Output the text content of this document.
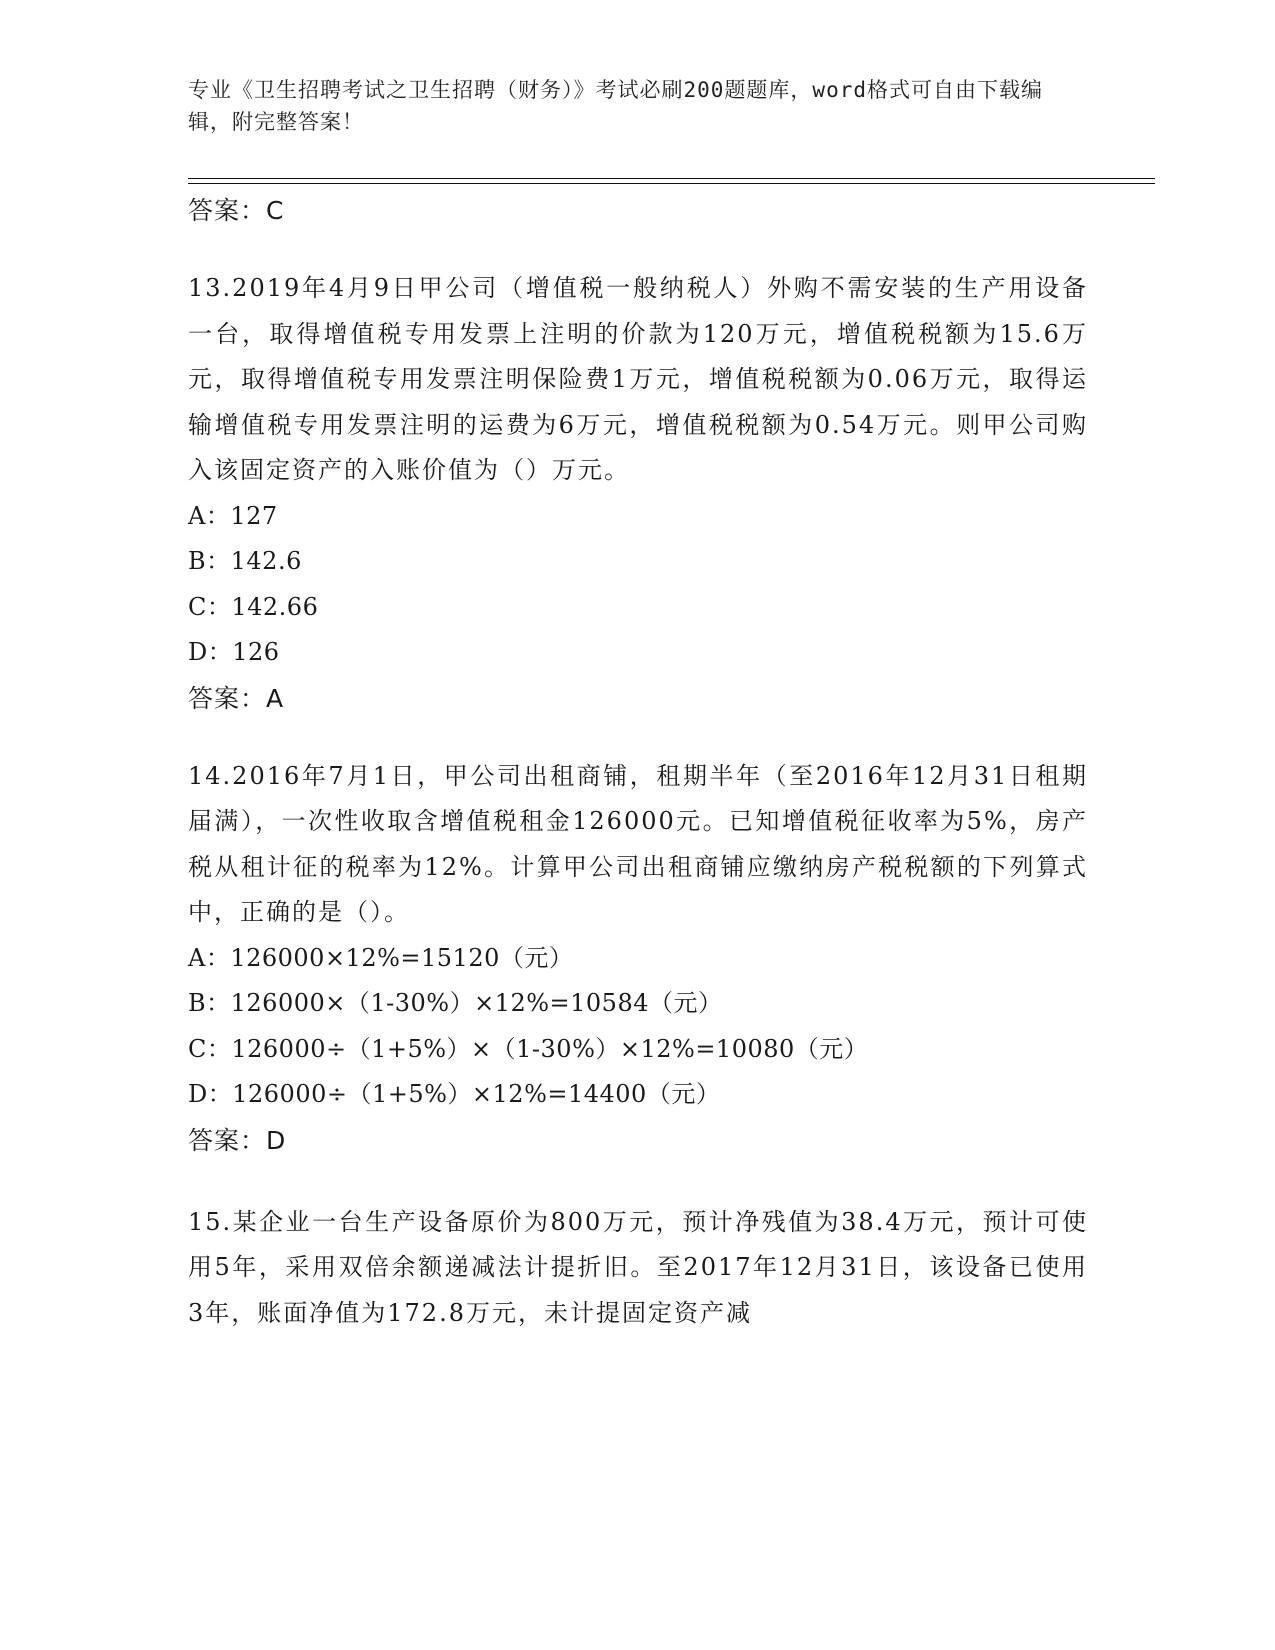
专业《卫生招聘考试之卫生招聘（财务）》考试必刷200题题库，word格式可自由下载编辑，附完整答案！
答案：C
13.2019年4月9日甲公司（增值税一般纳税人）外购不需安装的生产用设备一台，取得增值税专用发票上注明的价款为120万元，增值税税额为15.6万元，取得增值税专用发票注明保险费1万元，增值税税额为0.06万元，取得运输增值税专用发票注明的运费为6万元，增值税税额为0.54万元。则甲公司购入该固定资产的入账价值为（）万元。
A：127
B：142.6
C：142.66
D：126
答案：A
14.2016年7月1日，甲公司出租商铺，租期半年（至2016年12月31日租期届满），一次性收取含增值税租金126000元。已知增值税征收率为5%，房产税从租计征的税率为12%。计算甲公司出租商铺应缴纳房产税税额的下列算式中，正确的是（）。
A：126000×12%=15120（元）
B：126000×（1-30%）×12%=10584（元）
C：126000÷（1+5%）×（1-30%）×12%=10080（元）
D：126000÷（1+5%）×12%=14400（元）
答案：D
15.某企业一台生产设备原价为800万元，预计净残值为38.4万元，预计可使用5年，采用双倍余额递减法计提折旧。至2017年12月31日，该设备已使用3年，账面净值为172.8万元，未计提固定资产减
